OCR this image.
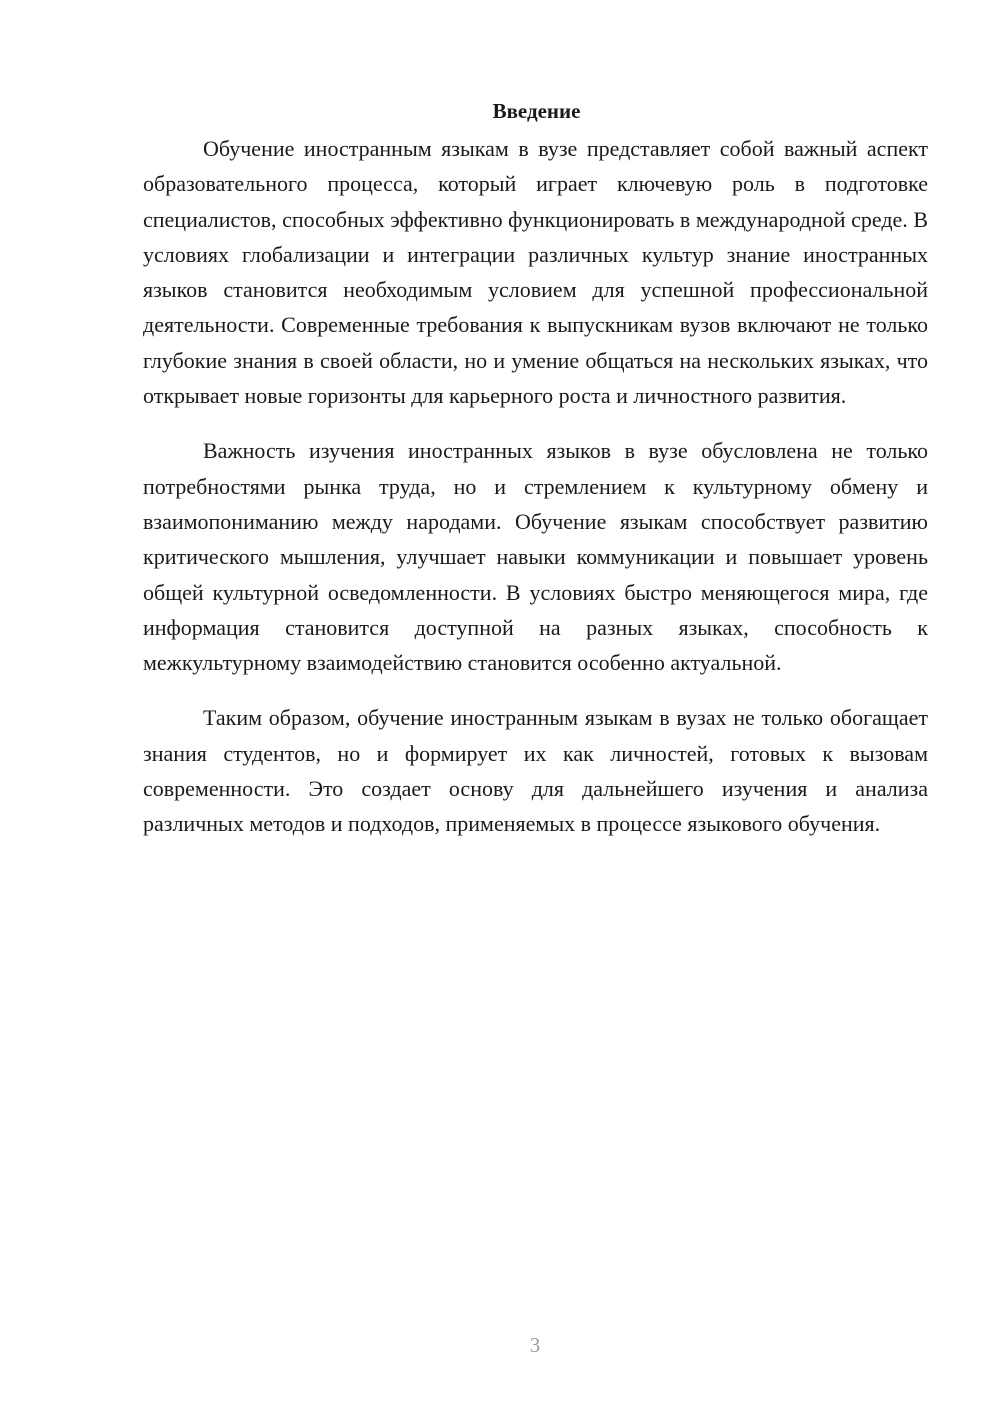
Введение

Обучение иностранным языкам в вузе представляет собой важный аспект образовательного процесса, который играет ключевую роль в подготовке специалистов, способных эффективно функционировать в международной среде. В условиях глобализации и интеграции различных культур знание иностранных языков становится необходимым условием для успешной профессиональной деятельности. Современные требования к выпускникам вузов включают не только глубокие знания в своей области, но и умение общаться на нескольких языках, что открывает новые горизонты для карьерного роста и личностного развития.

Важность изучения иностранных языков в вузе обусловлена не только потребностями рынка труда, но и стремлением к культурному обмену и взаимопониманию между народами. Обучение языкам способствует развитию критического мышления, улучшает навыки коммуникации и повышает уровень общей культурной осведомленности. В условиях быстро меняющегося мира, где информация становится доступной на разных языках, способность к межкультурному взаимодействию становится особенно актуальной.

Таким образом, обучение иностранным языкам в вузах не только обогащает знания студентов, но и формирует их как личностей, готовых к вызовам современности. Это создает основу для дальнейшего изучения и анализа различных методов и подходов, применяемых в процессе языкового обучения.

3
